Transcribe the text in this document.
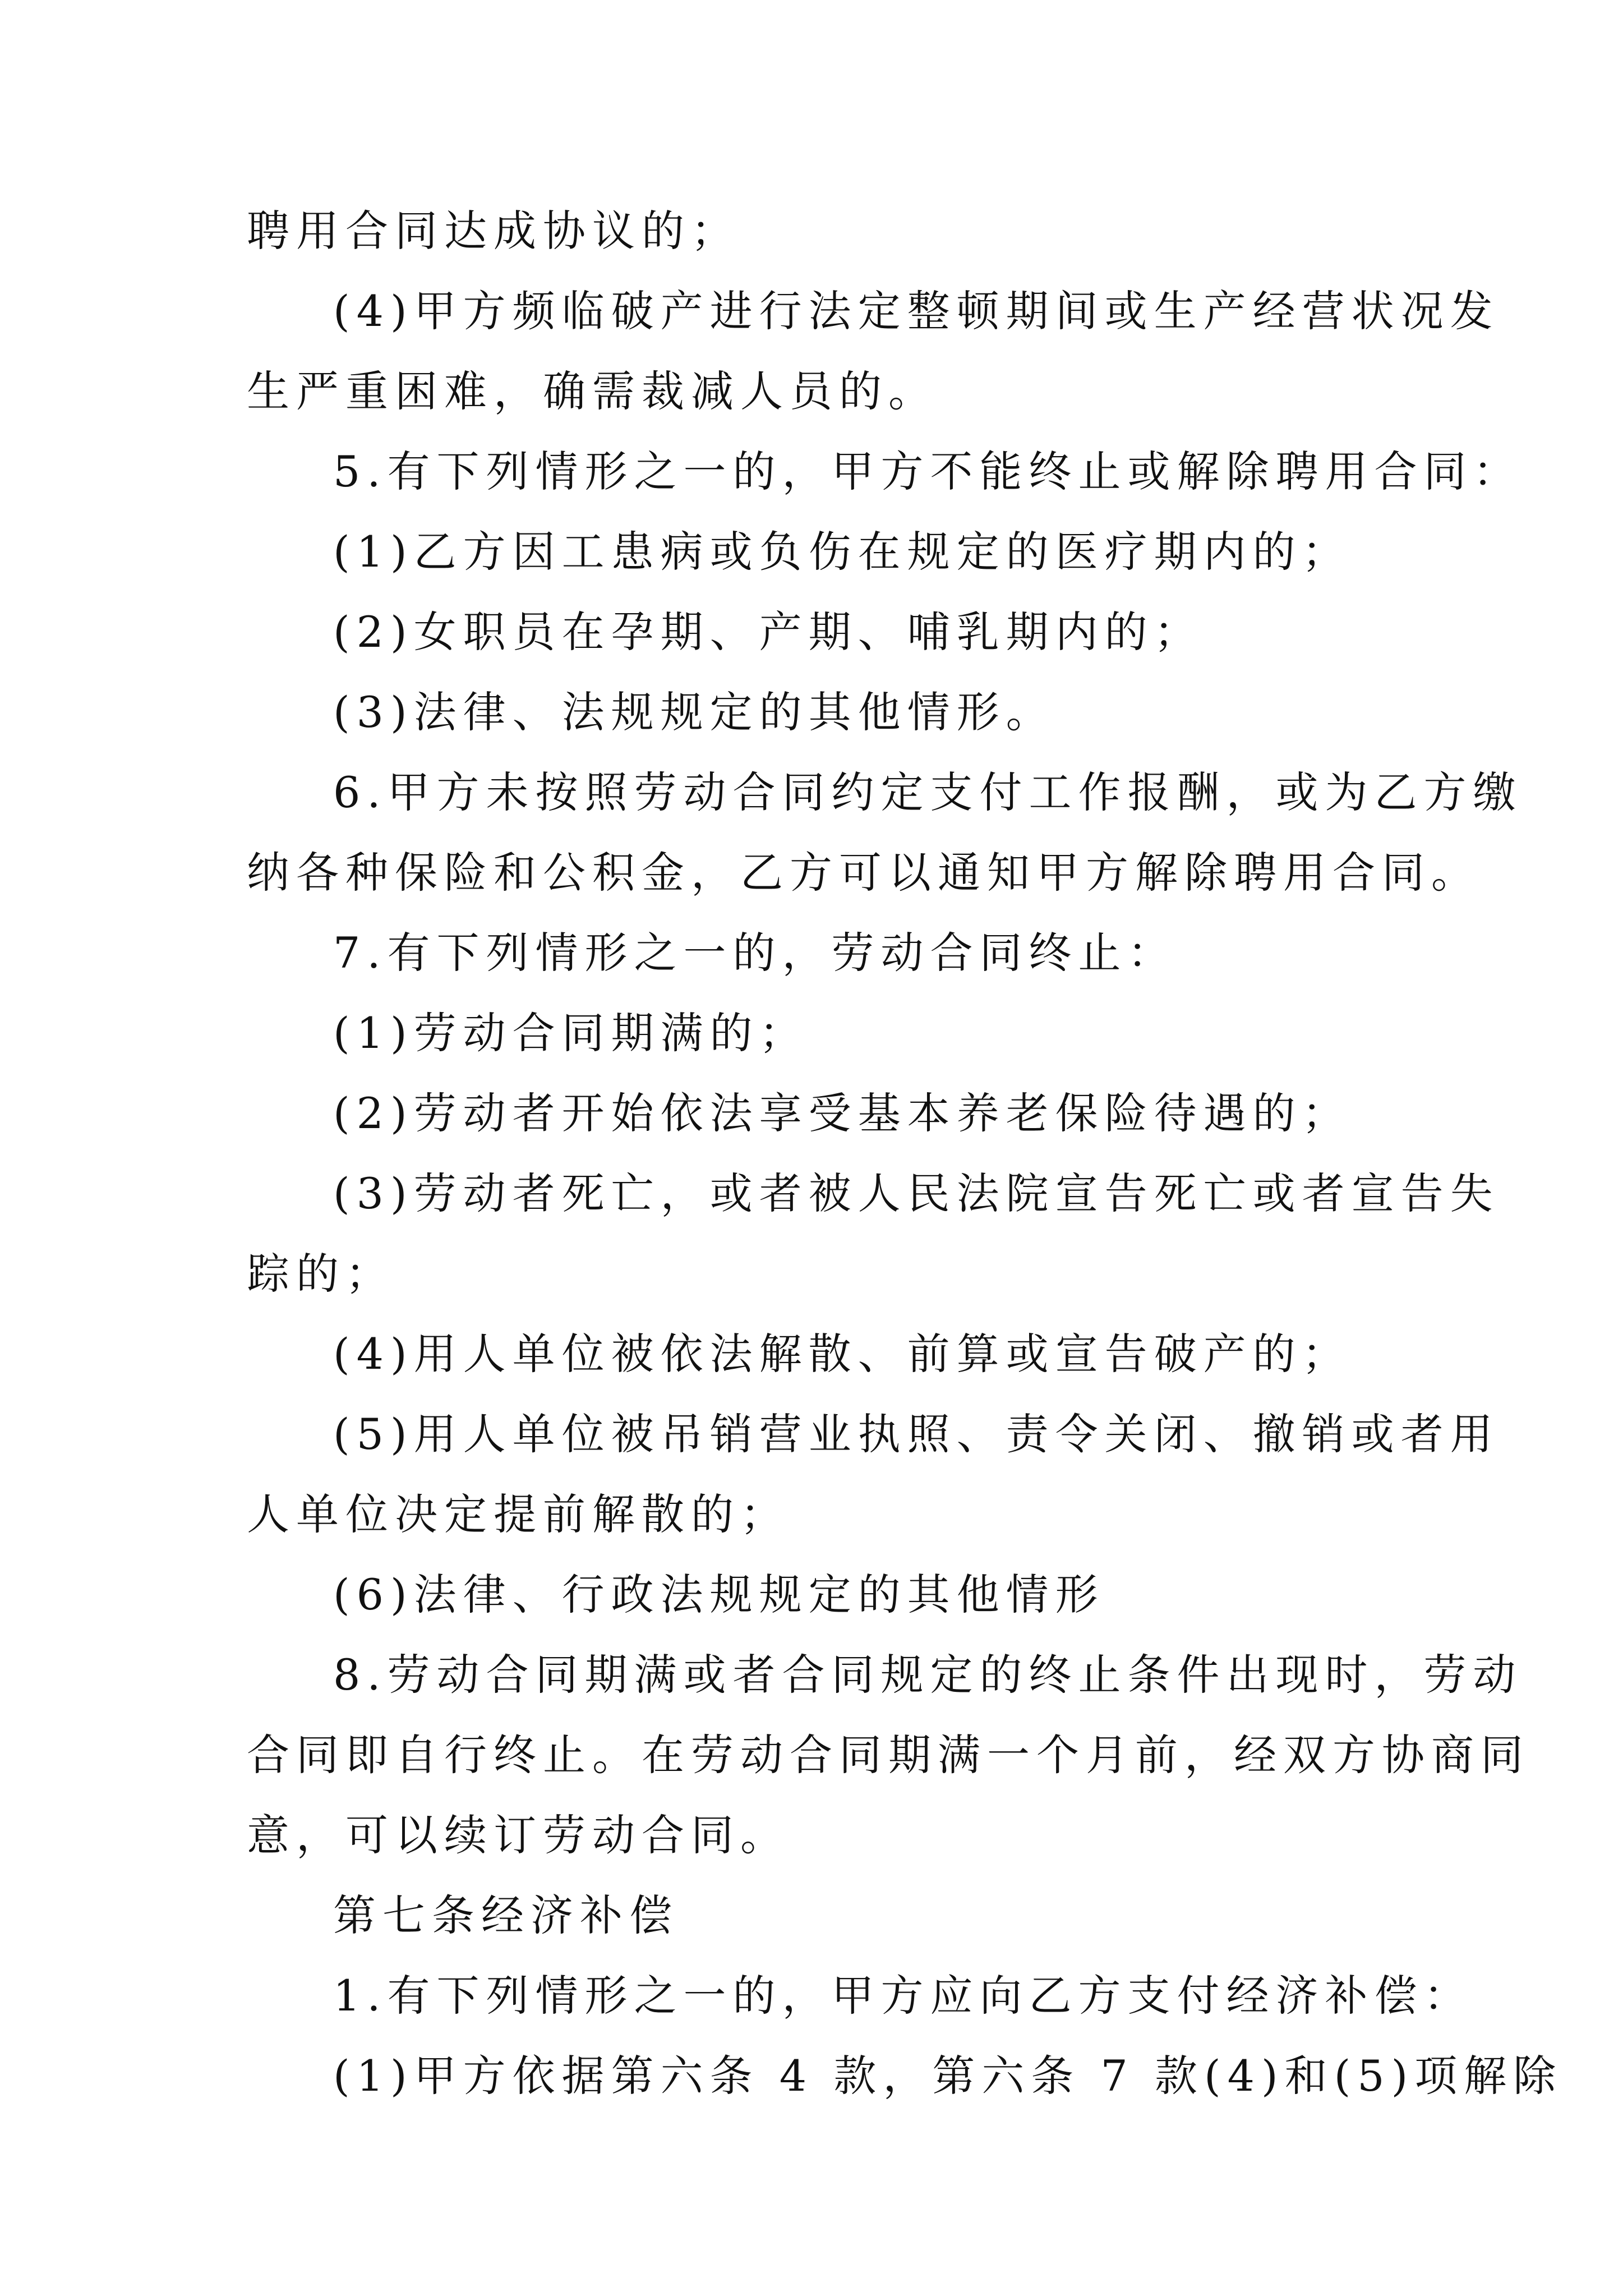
聘用合同达成协议的；
(4)甲方频临破产进行法定整顿期间或生产经营状况发
生严重困难，确需裁减人员的。
5.有下列情形之一的，甲方不能终止或解除聘用合同：
(1)乙方因工患病或负伤在规定的医疗期内的；
(2)女职员在孕期、产期、哺乳期内的；
(3)法律、法规规定的其他情形。
6.甲方未按照劳动合同约定支付工作报酬，或为乙方缴
纳各种保险和公积金，乙方可以通知甲方解除聘用合同。
7.有下列情形之一的，劳动合同终止：
(1)劳动合同期满的；
(2)劳动者开始依法享受基本养老保险待遇的；
(3)劳动者死亡，或者被人民法院宣告死亡或者宣告失
踪的；
(4)用人单位被依法解散、前算或宣告破产的；
(5)用人单位被吊销营业执照、责令关闭、撤销或者用
人单位决定提前解散的；
(6)法律、行政法规规定的其他情形
8.劳动合同期满或者合同规定的终止条件出现时，劳动
合同即自行终止。在劳动合同期满一个月前，经双方协商同
意，可以续订劳动合同。
第七条经济补偿
1.有下列情形之一的，甲方应向乙方支付经济补偿：
(1)甲方依据第六条 4 款，第六条 7 款(4)和(5)项解除
